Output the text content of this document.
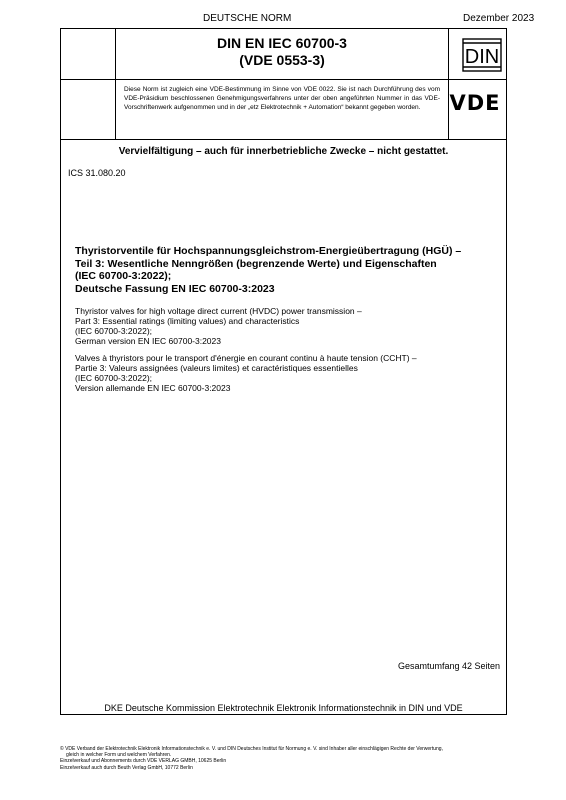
DEUTSCHE NORM	Dezember 2023
DIN EN IEC 60700-3
(VDE 0553-3)	DIN
Diese Norm ist zugleich eine VDE-Bestimmung im Sinne von VDE 0022. Sie ist nach Durchführung des vom VDE-Präsidium beschlossenen Genehmigungsverfahrens unter der oben angeführten Nummer in das VDE-Vorschriftenwerk aufgenommen und in der „etz Elektrotechnik + Automation“ bekannt gegeben worden.	VDE
Vervielfältigung – auch für innerbetriebliche Zwecke – nicht gestattet.
ICS 31.080.20
Thyristorventile für Hochspannungsgleichstrom-Energieübertragung (HGÜ) –
Teil 3: Wesentliche Nenngrößen (begrenzende Werte) und Eigenschaften
(IEC 60700-3:2022);
Deutsche Fassung EN IEC 60700-3:2023
Thyristor valves for high voltage direct current (HVDC) power transmission –
Part 3: Essential ratings (limiting values) and characteristics
(IEC 60700-3:2022);
German version EN IEC 60700-3:2023
Valves à thyristors pour le transport d'énergie en courant continu à haute tension (CCHT) –
Partie 3: Valeurs assignées (valeurs limites) et caractéristiques essentielles
(IEC 60700-3:2022);
Version allemande EN IEC 60700-3:2023
Gesamtumfang 42 Seiten
DKE Deutsche Kommission Elektrotechnik Elektronik Informationstechnik in DIN und VDE
© VDE Verband der Elektrotechnik Elektronik Informationstechnik e. V. und DIN Deutsches Institut für Normung e. V. sind Inhaber aller einschlägigen Rechte der Verwertung,
gleich in welcher Form und welchem Verfahren.
Einzelverkauf und Abonnements durch VDE VERLAG GMBH, 10625 Berlin
Einzelverkauf auch durch Beuth Verlag GmbH, 10772 Berlin
